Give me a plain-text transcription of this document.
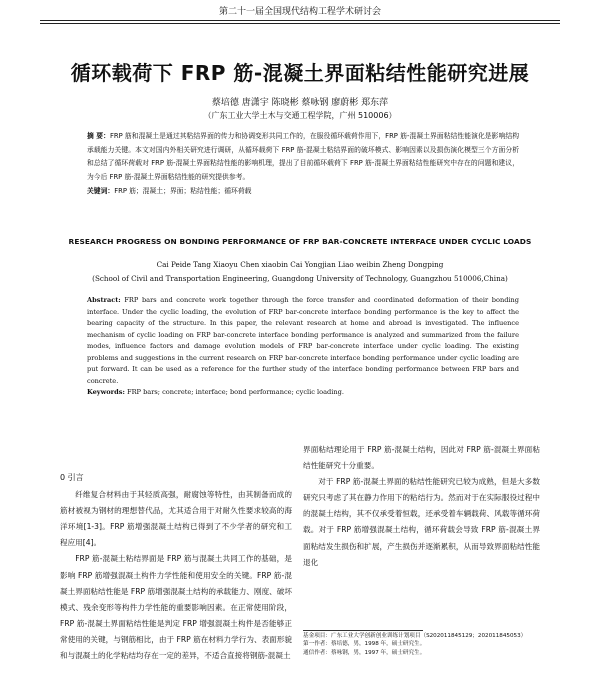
第二十一届全国现代结构工程学术研讨会
循环载荷下 FRP 筋-混凝土界面粘结性能研究进展
蔡培德 唐潇宇 陈晓彬 蔡咏钢 廖蔚彬 郑东萍
（广东工业大学土木与交通工程学院，广州 510006）
摘 要：FRP 筋和混凝土是通过其粘结界面的传力和协调变形共同工作的，在服役循环载荷作用下，FRP 筋-混凝土界面粘结性能演化是影响结构承载能力关键。本文对国内外相关研究进行调研，从循环载荷下 FRP 筋-混凝土粘结界面的破坏模式、影响因素以及损伤演化模型三个方面分析和总结了循环荷载对 FRP 筋-混凝土界面粘结性能的影响机理，提出了目前循环载荷下 FRP 筋-混凝土界面粘结性能研究中存在的问题和建议，为今后 FRP 筋-混凝土界面粘结性能的研究提供参考。
关键词：FRP 筋；混凝土；界面；粘结性能；循环荷载
RESEARCH PROGRESS ON BONDING PERFORMANCE OF FRP BAR-CONCRETE INTERFACE UNDER CYCLIC LOADS
Cai Peide Tang Xiaoyu Chen xiaobin Cai Yongjian Liao weibin Zheng Dongping
(School of Civil and Transportation Engineering, Guangdong University of Technology, Guangzhou 510006,China)
Abstract: FRP bars and concrete work together through the force transfer and coordinated deformation of their bonding interface. Under the cyclic loading, the evolution of FRP bar-concrete interface bonding performance is the key to affect the bearing capacity of the structure. In this paper, the relevant research at home and abroad is investigated. The influence mechanism of cyclic loading on FRP bar-concrete interface bonding performance is analyzed and summarized from the failure modes, influence factors and damage evolution models of FRP bar-concrete interface under cyclic loading. The existing problems and suggestions in the current research on FRP bar-concrete interface bonding performance under cyclic loading are put forward. It can be used as a reference for the further study of the interface bonding performance between FRP bars and concrete.
Keywords: FRP bars; concrete; interface; bond performance; cyclic loading.
0 引言

纤维复合材料由于其轻质高强，耐腐蚀等特性，由其制备而成的筋材被视为钢材的理想替代品，尤其适合用于对耐久性要求较高的海洋环境[1-3]。FRP 筋增强混凝土结构已得到了不少学者的研究和工程应用[4]。

FRP 筋-混凝土粘结界面是 FRP 筋与混凝土共同工作的基础，是影响 FRP 筋增强混凝土构件力学性能和使用安全的关键。FRP 筋-混凝土界面粘结性能是 FRP 筋增强混凝土结构的承载能力、刚度、破坏模式、残余变形等构件力学性能的重要影响因素。在正常使用阶段，FRP 筋-混凝土界面粘结性能是判定 FRP 增强混凝土构件是否能够正常使用的关键，与钢筋相比，由于 FRP 筋在材料力学行为、表面形貌和与混凝土的化学粘结均存在一定的差异，不适合直接将钢筋-混凝土

界面粘结理论用于 FRP 筋-混凝土结构，因此对 FRP 筋-混凝土界面粘结性能研究十分重要。

对于 FRP 筋-混凝土界面的粘结性能研究已较为成熟，但是大多数研究只考虑了其在静力作用下的粘结行为。然而对于在实际服役过程中的混凝土结构，其不仅承受着恒载，还承受着车辆载荷、风载等循环荷载。对于 FRP 筋增强混凝土结构，循环荷载会导致 FRP 筋-混凝土界面粘结发生损伤和扩展，产生损伤并逐渐累积，从而导致界面粘结性能退化

基金项目：广东工业大学创新创业训练计划项目（S202011845129；202011845053）
第一作者：蔡培德，男，1998 年，硕士研究生。
通信作者：蔡咏钢，男，1997 年，硕士研究生。
